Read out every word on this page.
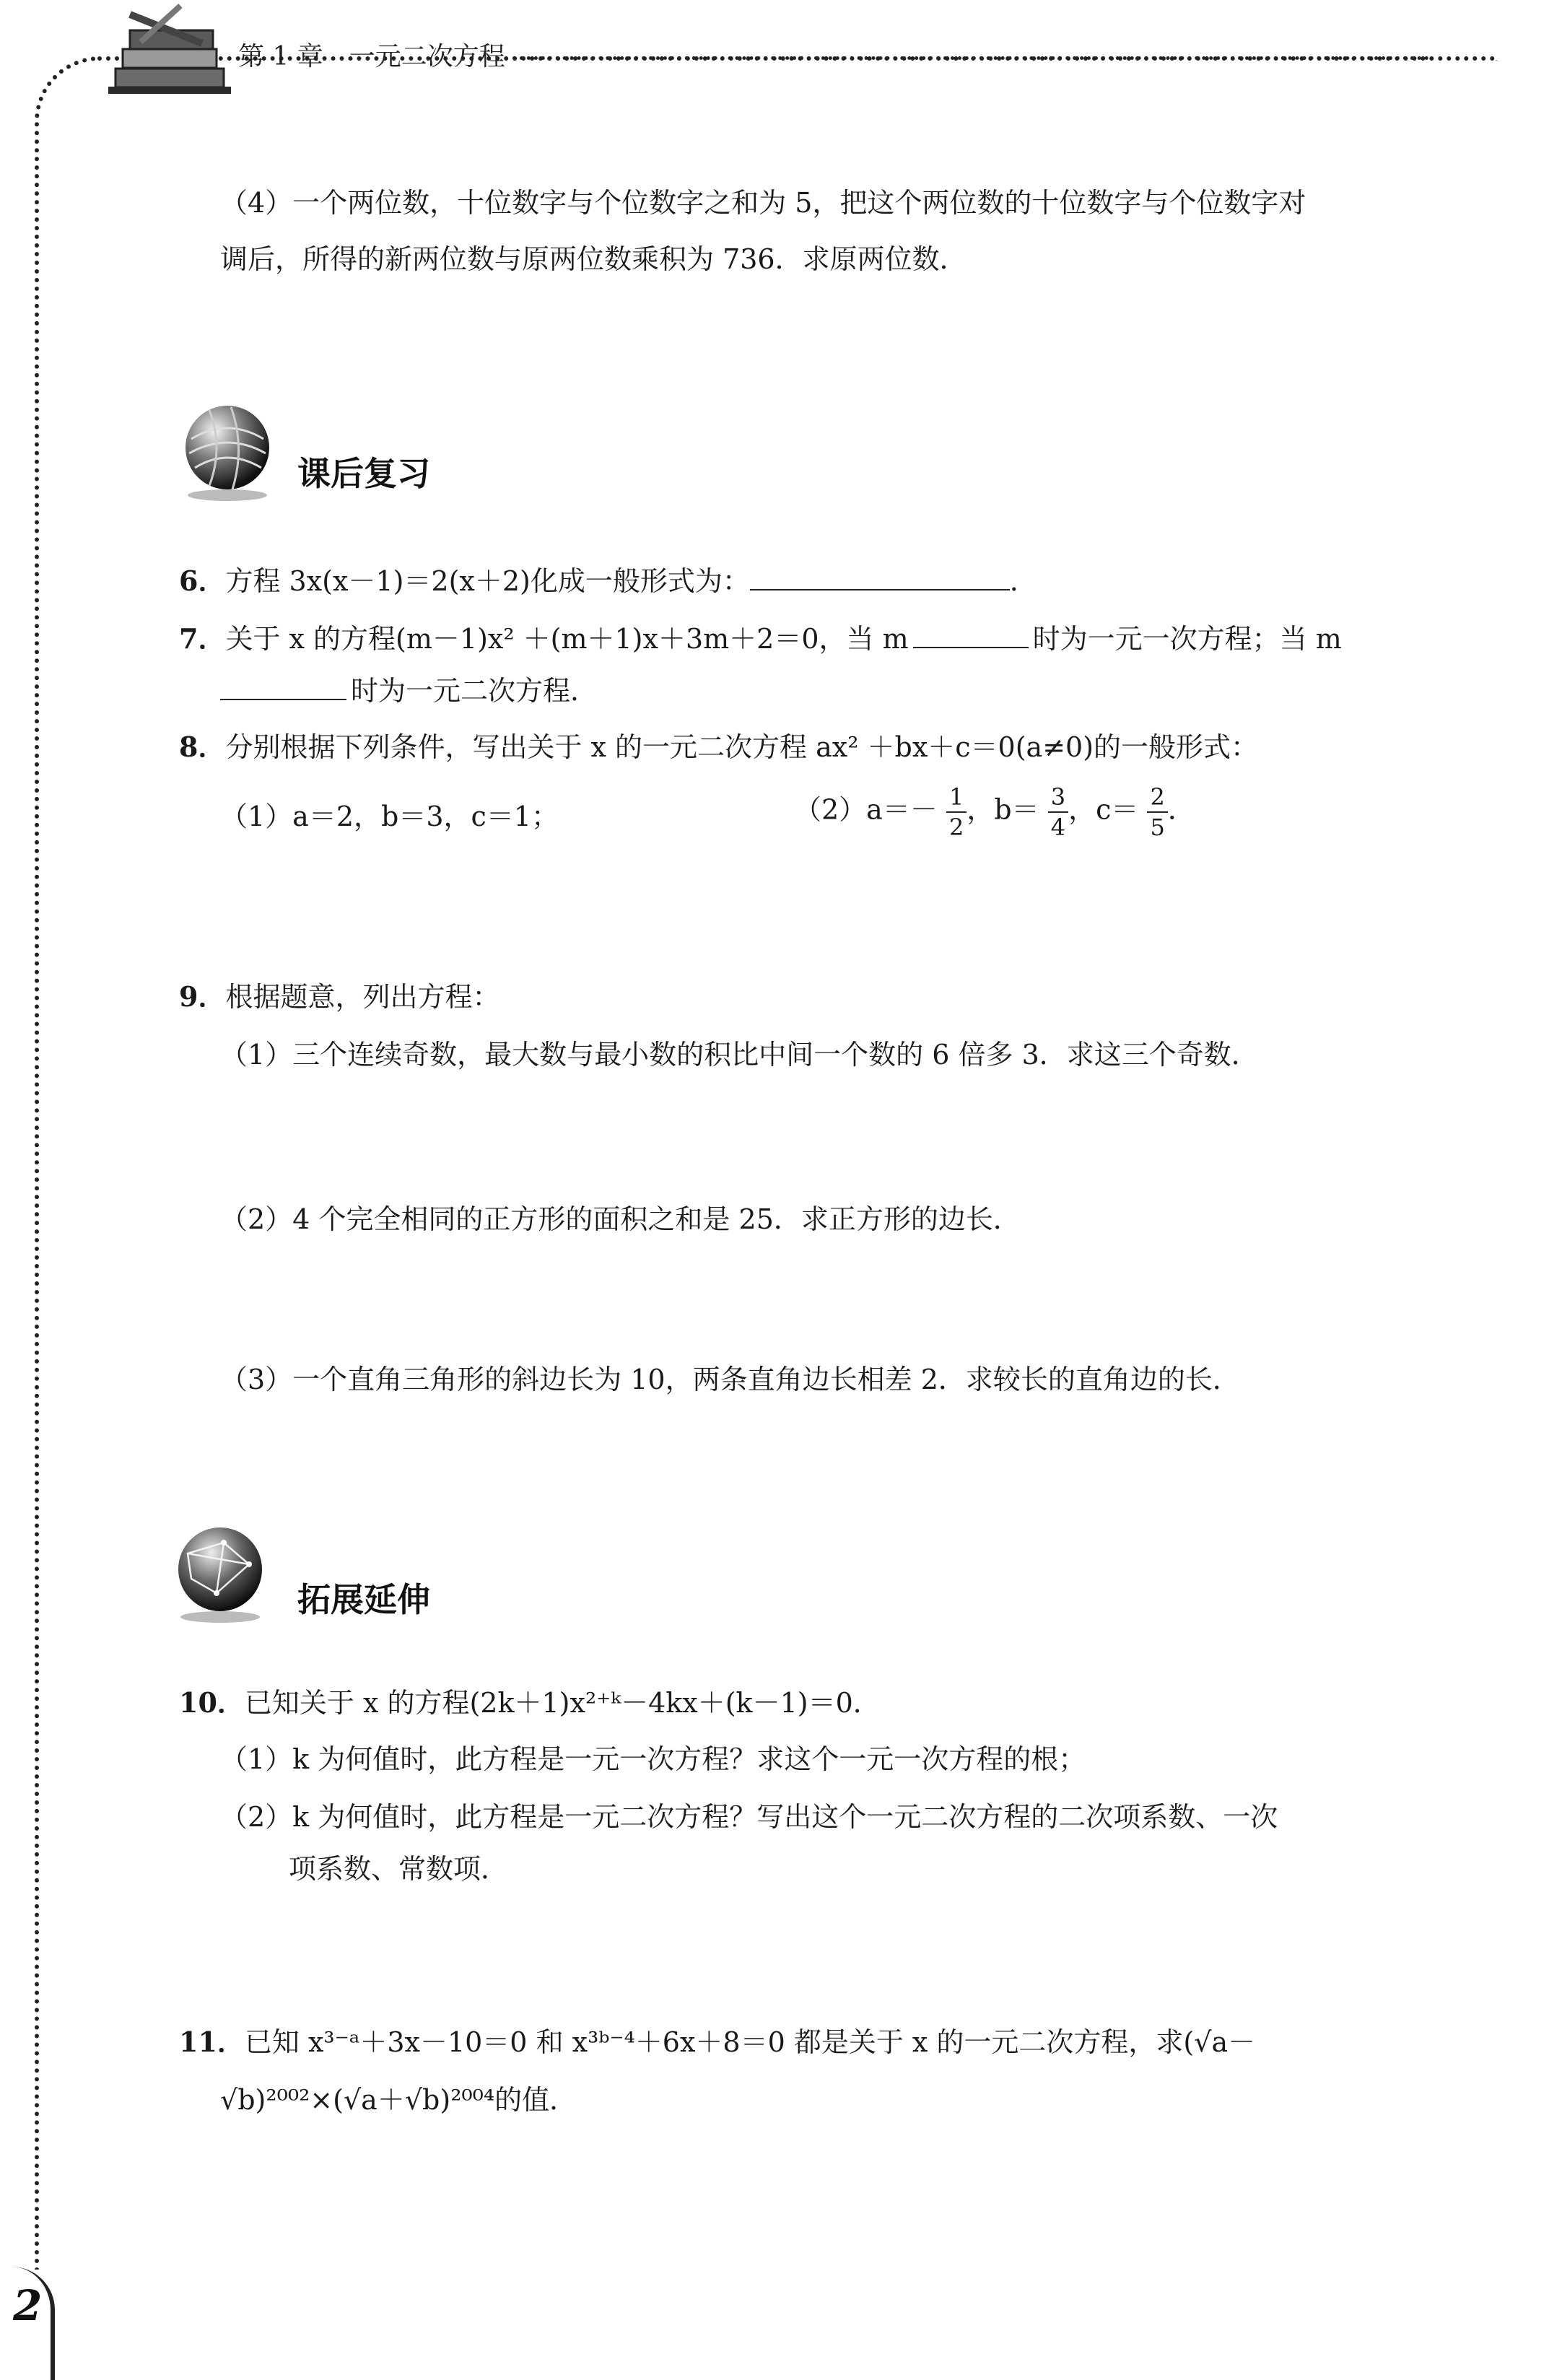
2
第 1 章　一元二次方程
（4）一个两位数，十位数字与个位数字之和为 5，把这个两位数的十位数字与个位数字对
调后，所得的新两位数与原两位数乘积为 736．求原两位数．
课后复习
6．方程 3x(x－1)＝2(x＋2)化成一般形式为：	．
7．关于 x 的方程(m－1)x² ＋(m＋1)x＋3m＋2＝0，当 m	时为一元一次方程；当 m
时为一元二次方程．
8．分别根据下列条件，写出关于 x 的一元二次方程 ax² ＋bx＋c＝0(a≠0)的一般形式：
（1）a＝2，b＝3，c＝1；	$(2)a=- \frac{1}{2}$ ，$b= \frac{3}{4}$ ，$c= \frac{2}{5}$ ．
9．根据题意，列出方程：
（1）三个连续奇数，最大数与最小数的积比中间一个数的 6 倍多 3．求这三个奇数．
（2）4 个完全相同的正方形的面积之和是 25．求正方形的边长．
（3）一个直角三角形的斜边长为 10，两条直角边长相差 2．求较长的直角边的长．
拓展延伸
10．已知关于 x 的方程(2k＋1)x²⁺ᵏ－4kx＋(k－1)＝0．
（1）k 为何值时，此方程是一元一次方程？求这个一元一次方程的根；
（2）k 为何值时，此方程是一元二次方程？写出这个一元二次方程的二次项系数、一次
项系数、常数项．
11．已知 x³⁻ᵃ＋3x－10＝0 和 x³ᵇ⁻⁴＋6x＋8＝0 都是关于 x 的一元二次方程，求(√a－
√b)²⁰⁰²×(√a＋√b)²⁰⁰⁴的值．
